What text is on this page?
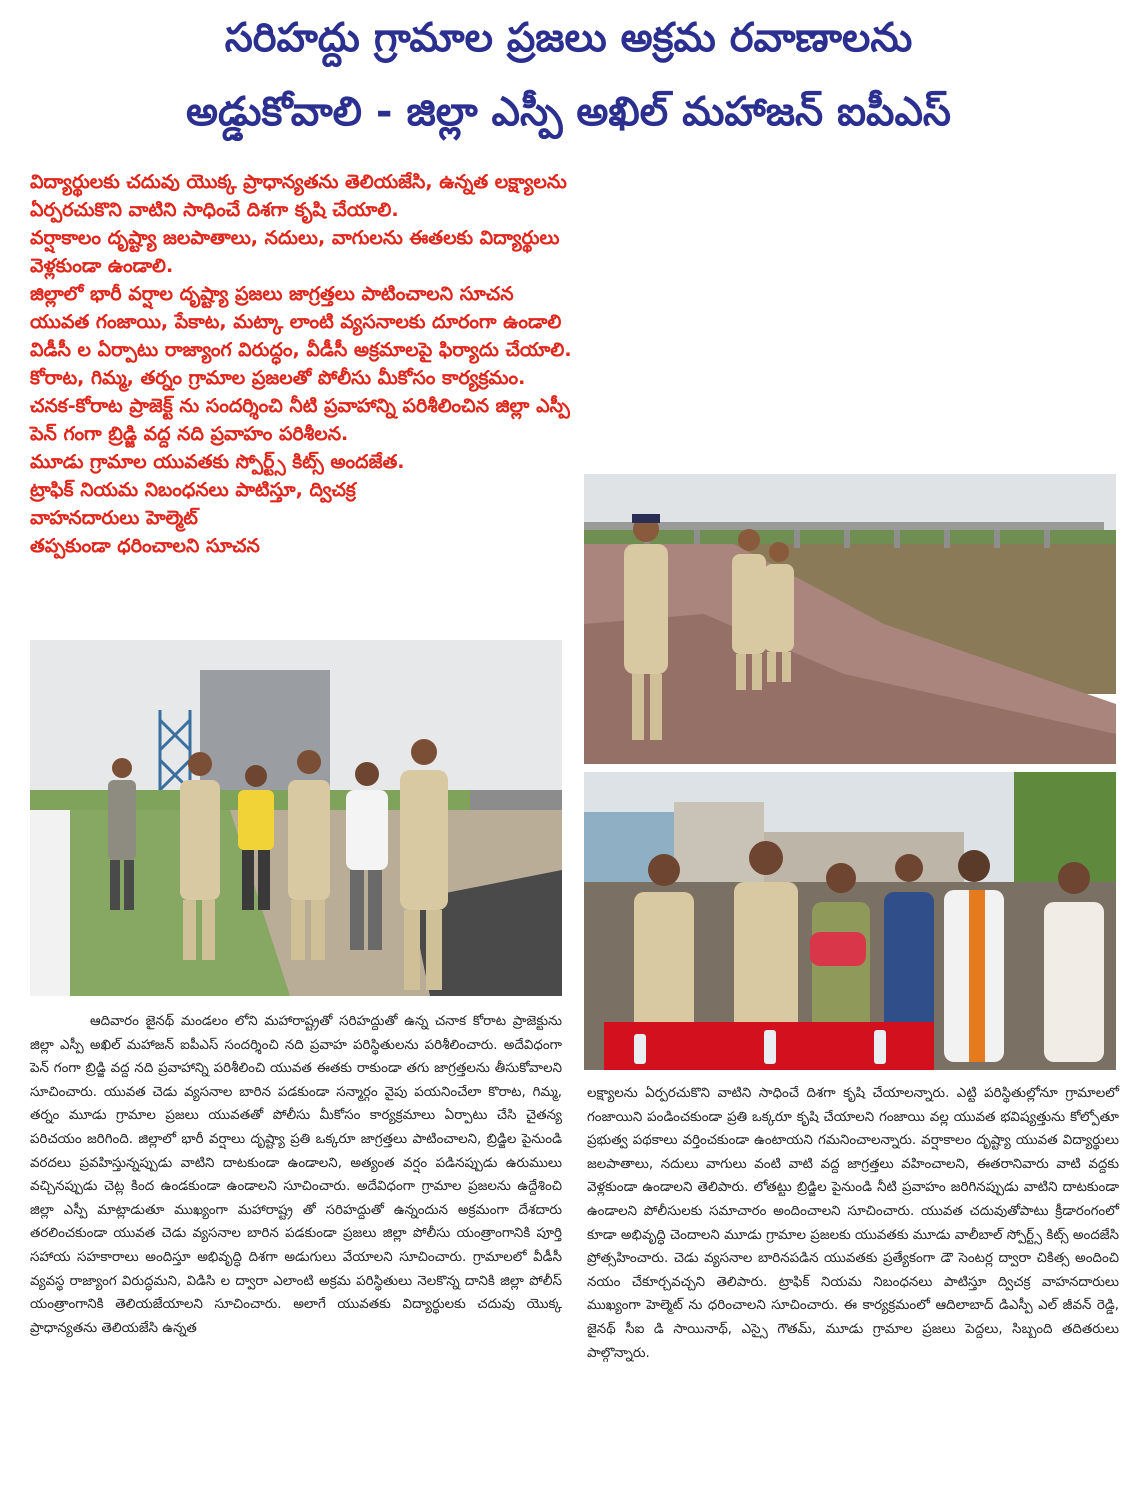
సరిహద్దు గ్రామాల ప్రజలు అక్రమ రవాణాలను
అడ్డుకోవాలి - జిల్లా ఎస్పీ అఖిల్ మహాజన్ ఐపీఎస్

విద్యార్థులకు చదువు యొక్క ప్రాధాన్యతను తెలియజేసి, ఉన్నత లక్ష్యాలను

ఏర్పరచుకొని వాటిని సాధించే దిశగా కృషి చేయాలి.

వర్షాకాలం దృష్ట్యా జలపాతాలు, నదులు, వాగులను ఈతలకు విద్యార్థులు

వెళ్లకుండా ఉండాలి.

జిల్లాలో భారీ వర్షాల దృష్ట్యా ప్రజలు జాగ్రత్తలు పాటించాలని సూచన

యువత గంజాయి, పేకాట, మట్కా లాంటి వ్యసనాలకు దూరంగా ఉండాలి

విడీసీ ల ఏర్పాటు రాజ్యాంగ విరుద్ధం, వీడీసీ అక్రమాలపై ఫిర్యాదు చేయాలి.

కోరాట, గిమ్మ, తర్నం గ్రామాల ప్రజలతో పోలీసు మీకోసం కార్యక్రమం.

చనక-కోరాట ప్రాజెక్ట్ ను సందర్శించి నీటి ప్రవాహాన్ని పరిశీలించిన జిల్లా ఎస్పీ

పెన్ గంగా బ్రిడ్జి వద్ద నది ప్రవాహం పరిశీలన.

మూడు గ్రామాల యువతకు స్పోర్ట్స్ కిట్స్ అందజేత.

ట్రాఫిక్ నియమ నిబంధనలు పాటిస్తూ, ద్విచక్ర

వాహనదారులు హెల్మెట్

తప్పకుండా ధరించాలని సూచన

ఆదివారం జైనథ్ మండలం లోని మహారాష్ట్రతో సరిహద్దుతో ఉన్న చనాక కోరాట ప్రాజెక్టును జిల్లా ఎస్పీ అఖిల్ మహాజన్ ఐపీఎస్ సందర్శించి నది ప్రవాహ పరిస్థితులను పరిశీలించారు. అదేవిధంగా పెన్ గంగా బ్రిడ్జి వద్ద నది ప్రవాహాన్ని పరిశీలించి యువత ఈతకు రాకుండా తగు జాగ్రత్తలను తీసుకోవాలని సూచించారు. యువత చెడు వ్యసనాల బారిన పడకుండా సన్మార్గం వైపు పయనించేలా కొరాట, గిమ్మ, తర్నం మూడు గ్రామాల ప్రజలు యువతతో పోలీసు మీకోసం కార్యక్రమాలు ఏర్పాటు చేసి చైతన్య పరిచయం జరిగింది. జిల్లాలో భారీ వర్షాలు దృష్ట్యా ప్రతి ఒక్కరూ జాగ్రత్తలు పాటించాలని, బ్రిడ్జిల పైనుండి వరదలు ప్రవహిస్తున్నప్పుడు వాటిని దాటకుండా ఉండాలని, అత్యంత వర్షం పడినప్పుడు ఉరుములు వచ్చినప్పుడు చెట్ల కింద ఉండకుండా ఉండాలని సూచించారు. అదేవిధంగా గ్రామాల ప్రజలను ఉద్దేశించి జిల్లా ఎస్పీ మాట్లాడుతూ ముఖ్యంగా మహారాష్ట్ర తో సరిహద్దుతో ఉన్నందున అక్రమంగా దేశదారు తరలించకుండా యువత చెడు వ్యసనాల బారిన పడకుండా ప్రజలు జిల్లా పోలీసు యంత్రాంగానికి పూర్తి సహాయ సహకారాలు అందిస్తూ అభివృద్ధి దిశగా అడుగులు వేయాలని సూచించారు. గ్రామాలలో వీడీసీ వ్యవస్థ రాజ్యాంగ విరుద్ధమని, విడిసి ల ద్వారా ఎలాంటి అక్రమ పరిస్థితులు నెలకొన్న దానికి జిల్లా పోలీస్ యంత్రాంగానికి తెలియజేయాలని సూచించారు. అలాగే యువతకు విద్యార్థులకు చదువు యొక్క ప్రాధాన్యతను తెలియజేసి ఉన్నత

లక్ష్యాలను ఏర్పరచుకొని వాటిని సాధించే దిశగా కృషి చేయాలన్నారు. ఎట్టి పరిస్థితుల్లోనూ గ్రామాలలో గంజాయిని పండించకుండా ప్రతి ఒక్కరూ కృషి చేయాలని గంజాయి వల్ల యువత భవిష్యత్తును కోల్పోతూ ప్రభుత్వ పథకాలు వర్తించకుండా ఉంటాయని గమనించాలన్నారు. వర్షాకాలం దృష్ట్యా యువత విద్యార్థులు జలపాతాలు, నదులు వాగులు వంటి వాటి వద్ద జాగ్రత్తలు వహించాలని, ఈతరానివారు వాటి వద్దకు వెళ్లకుండా ఉండాలని తెలిపారు. లోతట్టు బ్రిడ్జిల పైనుండి నీటి ప్రవాహం జరిగినప్పుడు వాటిని దాటకుండా ఉండాలని పోలీసులకు సమాచారం అందించాలని సూచించారు. యువత చదువుతోపాటు క్రీడారంగంలో కూడా అభివృద్ధి చెందాలని మూడు గ్రామాల ప్రజలకు యువతకు మూడు వాలీబాల్ స్పోర్ట్స్ కిట్స్ అందజేసి ప్రోత్సహించారు. చెడు వ్యసనాల బారినపడిన యువతకు ప్రత్యేకంగా డౌ సెంటర్ల ద్వారా చికిత్స అందించి నయం చేకూర్చవచ్చని తెలిపారు. ట్రాఫిక్ నియమ నిబంధనలు పాటిస్తూ ద్విచక్ర వాహనదారులు ముఖ్యంగా హెల్మెట్ ను ధరించాలని సూచించారు. ఈ కార్యక్రమంలో ఆదిలాబాద్ డిఎస్పీ ఎల్ జీవన్ రెడ్డి, జైనథ్ సీఐ డి సాయినాథ్, ఎస్సై గౌతమ్, మూడు గ్రామాల ప్రజలు పెద్దలు, సిబ్బంది తదితరులు పాల్గొన్నారు.
